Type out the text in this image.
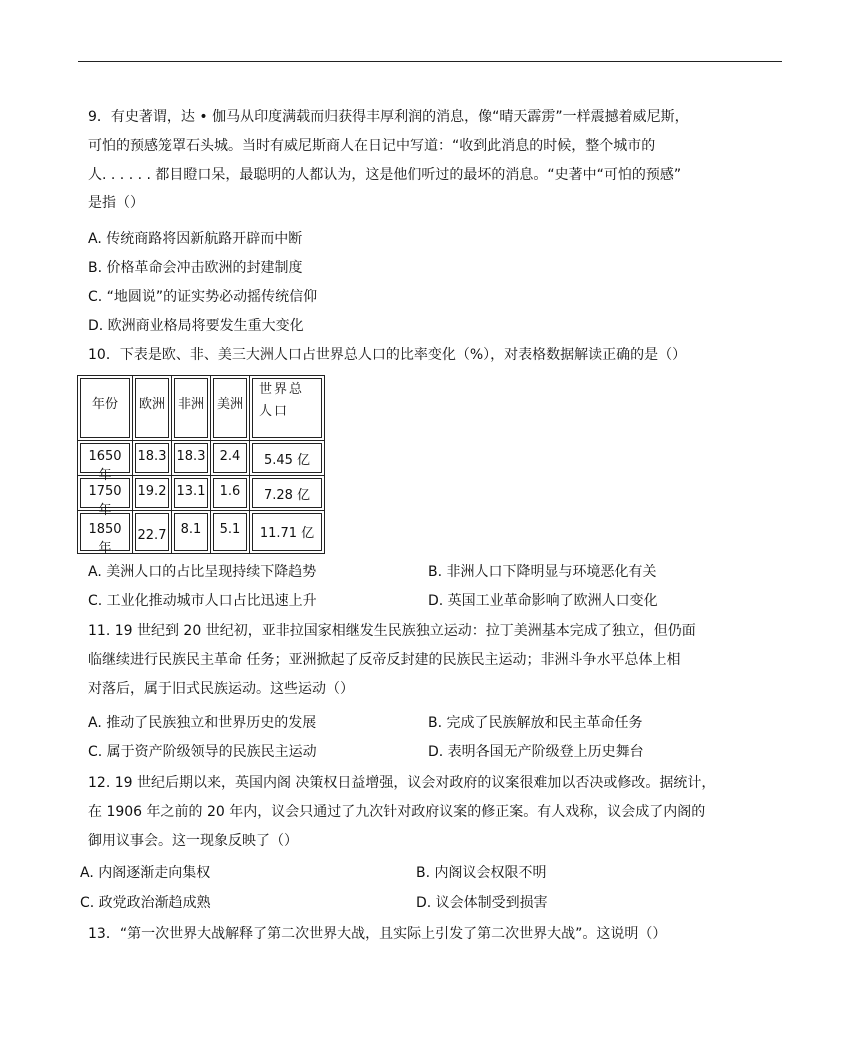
9．有史著谓，达 • 伽马从印度满载而归获得丰厚利润的消息，像“晴天霹雳”一样震撼着威尼斯，
可怕的预感笼罩石头城。当时有威尼斯商人在日记中写道：“收到此消息的时候，整个城市的
人. . . . . . 都目瞪口呆，最聪明的人都认为，这是他们听过的最坏的消息。“史著中“可怕的预感”
是指（）
A. 传统商路将因新航路开辟而中断
B. 价格革命会冲击欧洲的封建制度
C. “地圆说”的证实势必动摇传统信仰
D. 欧洲商业格局将要发生重大变化
10．下表是欧、非、美三大洲人口占世界总人口的比率变化（%），对表格数据解读正确的是（）
年份	欧洲	非洲	美洲	世界总
人口

1650 年	18.3	18.3	2.4	5.45 亿

1750 年	19.2	13.1	1.6	7.28 亿

1850 年	22.7	8.1	5.1	11.71 亿
A. 美洲人口的占比呈现持续下降趋势	B. 非洲人口下降明显与环境恶化有关
C. 工业化推动城市人口占比迅速上升	D. 英国工业革命影响了欧洲人口变化
11. 19 世纪到 20 世纪初，亚非拉国家相继发生民族独立运动：拉丁美洲基本完成了独立，但仍面
临继续进行民族民主革命 任务；亚洲掀起了反帝反封建的民族民主运动；非洲斗争水平总体上相
对落后，属于旧式民族运动。这些运动（）
A. 推动了民族独立和世界历史的发展	B. 完成了民族解放和民主革命任务
C. 属于资产阶级领导的民族民主运动	D. 表明各国无产阶级登上历史舞台
12. 19 世纪后期以来，英国内阁 决策权日益增强，议会对政府的议案很难加以否决或修改。据统计，
在 1906 年之前的 20 年内，议会只通过了九次针对政府议案的修正案。有人戏称，议会成了内阁的
御用议事会。这一现象反映了（）
A. 内阁逐渐走向集权	B. 内阁议会权限不明
C. 政党政治渐趋成熟	D. 议会体制受到损害
13．“第一次世界大战解释了第二次世界大战，且实际上引发了第二次世界大战”。这说明（）
